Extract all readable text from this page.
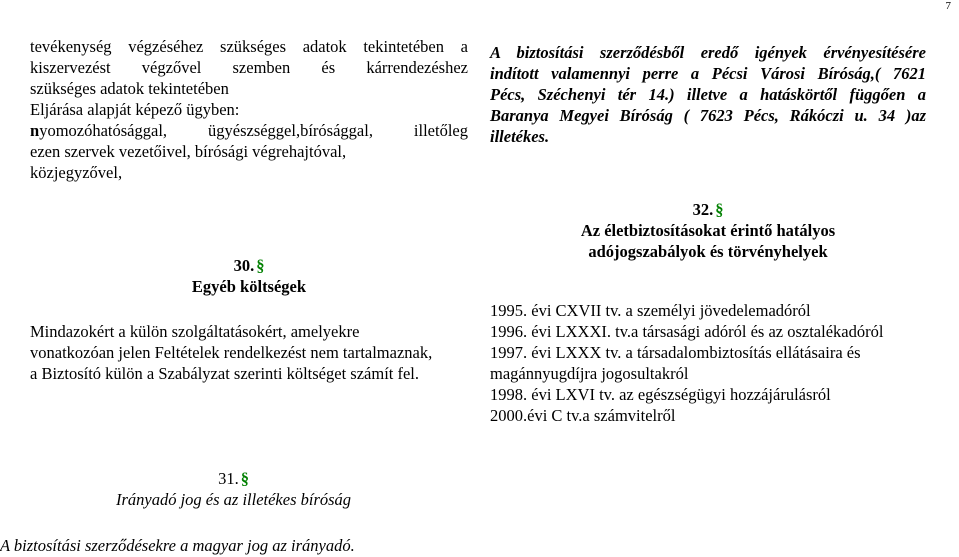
7
tevékenység végzéséhez szükséges adatok tekintetében a
kiszervezést végzővel szemben és kárrendezéshez
szükséges adatok tekintetében
Eljárása alapját képező ügyben:
nyomozóhatósággal, ügyészséggel,bírósággal, illetőleg
ezen szervek vezetőivel, bírósági végrehajtóval,
közjegyzővel,
30. §
Egyéb költségek
Mindazokért a külön szolgáltatásokért, amelyekre
vonatkozóan jelen Feltételek rendelkezést nem tartalmaznak,
a Biztosító külön a Szabályzat szerinti költséget számít fel.
A biztosítási szerződésből eredő igények érvényesítésére
indított valamennyi perre a Pécsi Városi Bíróság,( 7621
Pécs, Széchenyi tér 14.) illetve a hatáskörtől függően a
Baranya Megyei Bíróság ( 7623 Pécs, Rákóczi u. 34 )az
illetékes.
32. §
Az életbiztosításokat érintő hatályos
adójogszabályok és törvényhelyek
1995. évi CXVII tv. a személyi jövedelemadóról
1996. évi LXXXI. tv.a társasági adóról és az osztalékadóról
1997. évi LXXX tv. a társadalombiztosítás ellátásaira és
magánnyugdíjra jogosultakról
1998. évi LXVI tv. az egészségügyi hozzájárulásról
2000.évi C tv.a számvitelről
31. §
Irányadó jog és az illetékes bíróság
A biztosítási szerződésekre a magyar jog az irányadó.
